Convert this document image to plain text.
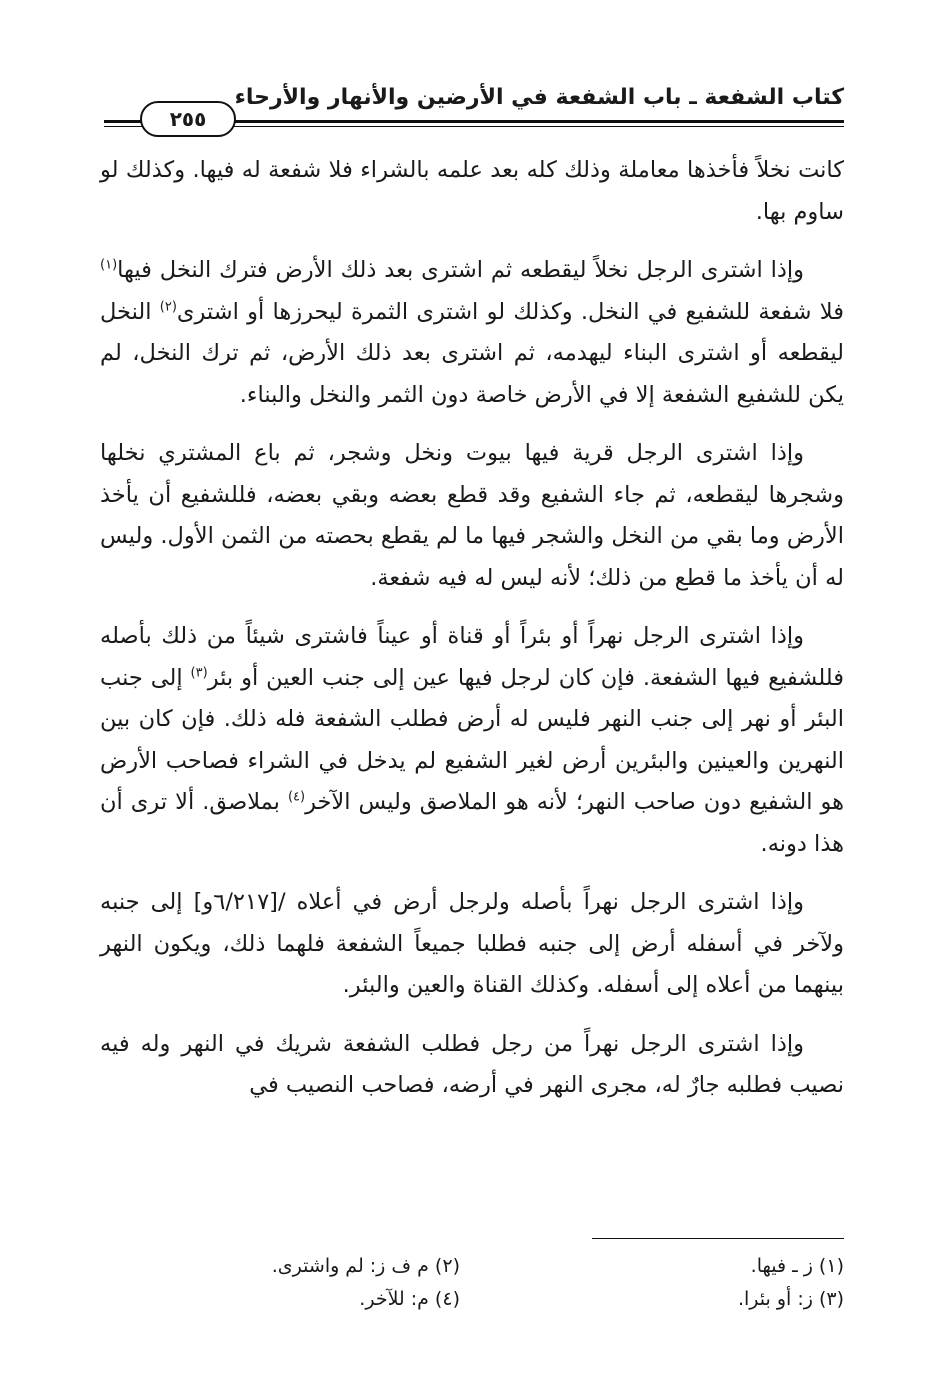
كتاب الشفعة ـ باب الشفعة في الأرضين والأنهار والأرحاء
٢٥٥

كانت نخلاً فأخذها معاملة وذلك كله بعد علمه بالشراء فلا شفعة له فيها. وكذلك لو ساوم بها.

وإذا اشترى الرجل نخلاً ليقطعه ثم اشترى بعد ذلك الأرض فترك النخل فيها$^{(١)}$ فلا شفعة للشفيع في النخل. وكذلك لو اشترى الثمرة ليحرزها أو اشترى$^{(٢)}$ النخل ليقطعه أو اشترى البناء ليهدمه، ثم اشترى بعد ذلك الأرض، ثم ترك النخل، لم يكن للشفيع الشفعة إلا في الأرض خاصة دون الثمر والنخل والبناء.

وإذا اشترى الرجل قرية فيها بيوت ونخل وشجر، ثم باع المشتري نخلها وشجرها ليقطعه، ثم جاء الشفيع وقد قطع بعضه وبقي بعضه، فللشفيع أن يأخذ الأرض وما بقي من النخل والشجر فيها ما لم يقطع بحصته من الثمن الأول. وليس له أن يأخذ ما قطع من ذلك؛ لأنه ليس له فيه شفعة.

وإذا اشترى الرجل نهراً أو بئراً أو قناة أو عيناً فاشترى شيئاً من ذلك بأصله فللشفيع فيها الشفعة. فإن كان لرجل فيها عين إلى جنب العين أو بئر$^{(٣)}$ إلى جنب البئر أو نهر إلى جنب النهر فليس له أرض فطلب الشفعة فله ذلك. فإن كان بين النهرين والعينين والبئرين أرض لغير الشفيع لم يدخل في الشراء فصاحب الأرض هو الشفيع دون صاحب النهر؛ لأنه هو الملاصق وليس الآخر$^{(٤)}$ بملاصق. ألا ترى أن هذا دونه.

وإذا اشترى الرجل نهراً بأصله ولرجل أرض في أعلاه /[٦/٢١٧و] إلى جنبه ولآخر في أسفله أرض إلى جنبه فطلبا جميعاً الشفعة فلهما ذلك، ويكون النهر بينهما من أعلاه إلى أسفله. وكذلك القناة والعين والبئر.

وإذا اشترى الرجل نهراً من رجل فطلب الشفعة شريك في النهر وله فيه نصيب فطلبه جارٌ له، مجرى النهر في أرضه، فصاحب النصيب في

(١) ز ـ فيها.
(٢) م ف ز: لم واشترى.
(٣) ز: أو بئرا.
(٤) م: للآخر.
